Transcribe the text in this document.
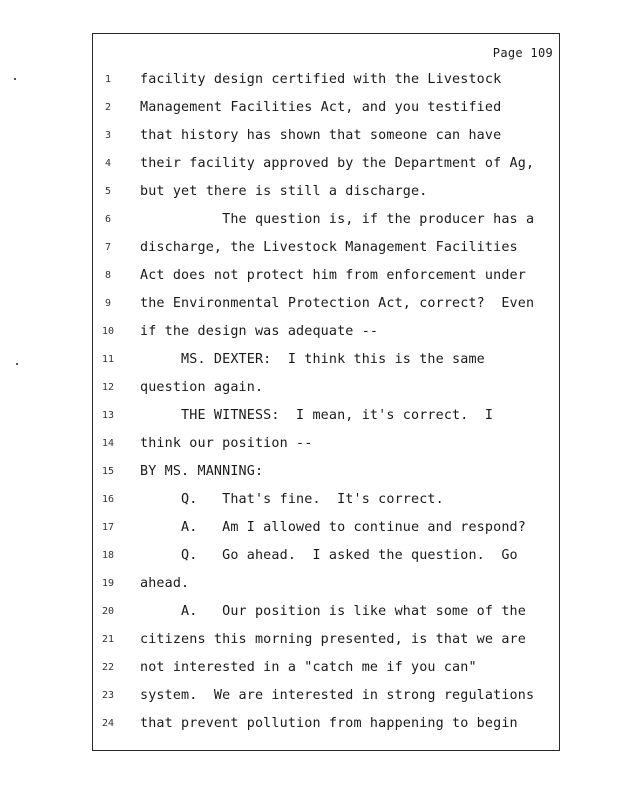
Page 109
1	facility design certified with the Livestock
2	Management Facilities Act, and you testified
3	that history has shown that someone can have
4	their facility approved by the Department of Ag,
5	but yet there is still a discharge.
6	The question is, if the producer has a
7	discharge, the Livestock Management Facilities
8	Act does not protect him from enforcement under
9	the Environmental Protection Act, correct?  Even
10	if the design was adequate --
11	MS. DEXTER:  I think this is the same
12	question again.
13	THE WITNESS:  I mean, it's correct.  I
14	think our position --
15	BY MS. MANNING:
16	Q.   That's fine.  It's correct.
17	A.   Am I allowed to continue and respond?
18	Q.   Go ahead.  I asked the question.  Go
19	ahead.
20	A.   Our position is like what some of the
21	citizens this morning presented, is that we are
22	not interested in a "catch me if you can"
23	system.  We are interested in strong regulations
24	that prevent pollution from happening to begin
